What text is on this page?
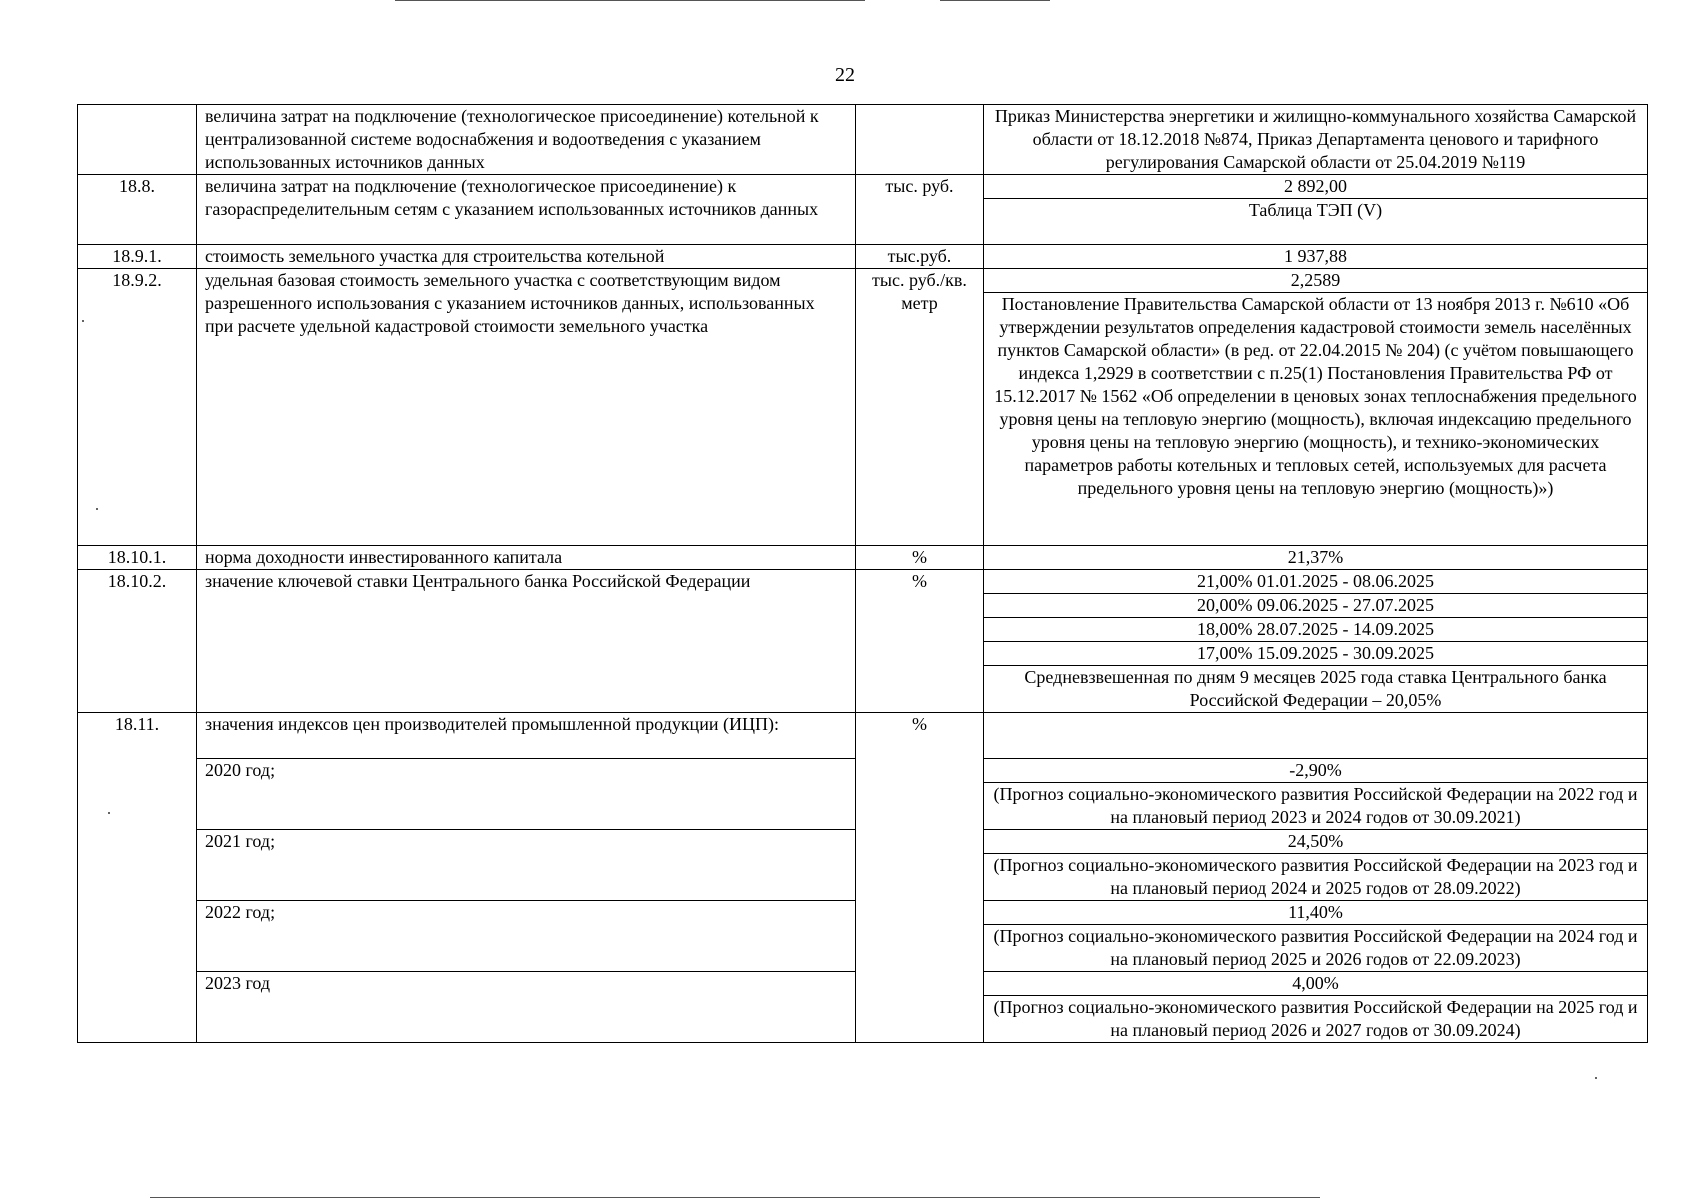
22
	величина затрат на подключение (технологическое присоединение) котельной к централизованной системе водоснабжения и водоотведения с указанием использованных источников данных		Приказ Министерства энергетики и жилищно-коммунального хозяйства Самарской области от 18.12.2018 №874, Приказ Департамента ценового и тарифного регулирования Самарской области от 25.04.2019 №119
18.8.	величина затрат на подключение (технологическое присоединение) к газораспределительным сетям с указанием использованных источников данных	тыс. руб.	2 892,00
			Таблица ТЭП (V)
18.9.1.	стоимость земельного участка для строительства котельной	тыс.руб.	1 937,88
18.9.2.	удельная базовая стоимость земельного участка с соответствующим видом разрешенного использования с указанием источников данных, использованных при расчете удельной кадастровой стоимости земельного участка	тыс. руб./кв. метр	2,2589
			Постановление Правительства Самарской области от 13 ноября 2013 г. №610 «Об утверждении результатов определения кадастровой стоимости земель населённых пунктов Самарской области» (в ред. от 22.04.2015 № 204) (с учётом повышающего индекса 1,2929 в соответствии с п.25(1) Постановления Правительства РФ от 15.12.2017 № 1562 «Об определении в ценовых зонах теплоснабжения предельного уровня цены на тепловую энергию (мощность), включая индексацию предельного уровня цены на тепловую энергию (мощность), и технико-экономических параметров работы котельных и тепловых сетей, используемых для расчета предельного уровня цены на тепловую энергию (мощность)»)
18.10.1.	норма доходности инвестированного капитала	%	21,37%
18.10.2.	значение ключевой ставки Центрального банка Российской Федерации	%	21,00% 01.01.2025 - 08.06.2025
			20,00% 09.06.2025 - 27.07.2025
			18,00% 28.07.2025 - 14.09.2025
			17,00% 15.09.2025 - 30.09.2025
			Средневзвешенная по дням 9 месяцев 2025 года ставка Центрального банка Российской Федерации – 20,05%
18.11.	значения индексов цен производителей промышленной продукции (ИЦП):	%	
	2020 год;		-2,90%
			(Прогноз социально-экономического развития Российской Федерации на 2022 год и на плановый период 2023 и 2024 годов от 30.09.2021)
	2021 год;		24,50%
			(Прогноз социально-экономического развития Российской Федерации на 2023 год и на плановый период 2024 и 2025 годов от 28.09.2022)
	2022 год;		11,40%
			(Прогноз социально-экономического развития Российской Федерации на 2024 год и на плановый период 2025 и 2026 годов от 22.09.2023)
	2023 год		4,00%
			(Прогноз социально-экономического развития Российской Федерации на 2025 год и на плановый период 2026 и 2027 годов от 30.09.2024)
